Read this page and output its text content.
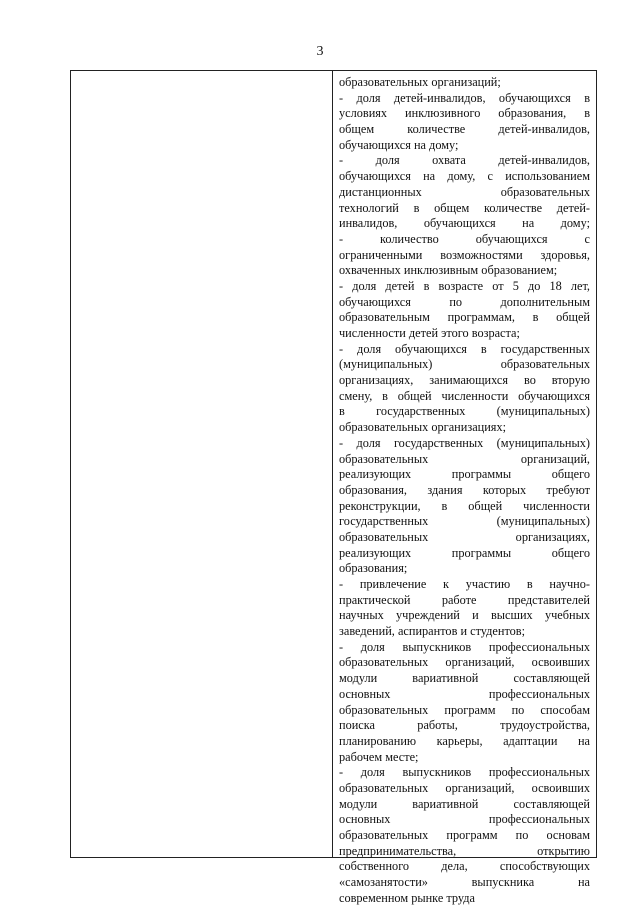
3
образовательных организаций;
- доля детей-инвалидов, обучающихся в
условиях инклюзивного образования, в
общем количестве детей-инвалидов,
обучающихся на дому;
- доля охвата детей-инвалидов,
обучающихся на дому, с использованием
дистанционных образовательных
технологий в общем количестве детей-
инвалидов, обучающихся на дому;
- количество обучающихся с
ограниченными возможностями здоровья,
охваченных инклюзивным образованием;
- доля детей в возрасте от 5 до 18 лет,
обучающихся по дополнительным
образовательным программам, в общей
численности детей этого возраста;
- доля обучающихся в государственных
(муниципальных) образовательных
организациях, занимающихся во вторую
смену, в общей численности обучающихся
в государственных (муниципальных)
образовательных организациях;
- доля государственных (муниципальных)
образовательных организаций,
реализующих программы общего
образования, здания которых требуют
реконструкции, в общей численности
государственных (муниципальных)
образовательных организациях,
реализующих программы общего
образования;
- привлечение к участию в научно-
практической работе представителей
научных учреждений и высших учебных
заведений, аспирантов и студентов;
- доля выпускников профессиональных
образовательных организаций, освоивших
модули вариативной составляющей
основных профессиональных
образовательных программ по способам
поиска работы, трудоустройства,
планированию карьеры, адаптации на
рабочем месте;
- доля выпускников профессиональных
образовательных организаций, освоивших
модули вариативной составляющей
основных профессиональных
образовательных программ по основам
предпринимательства, открытию
собственного дела, способствующих
«самозанятости» выпускника на
современном рынке труда
